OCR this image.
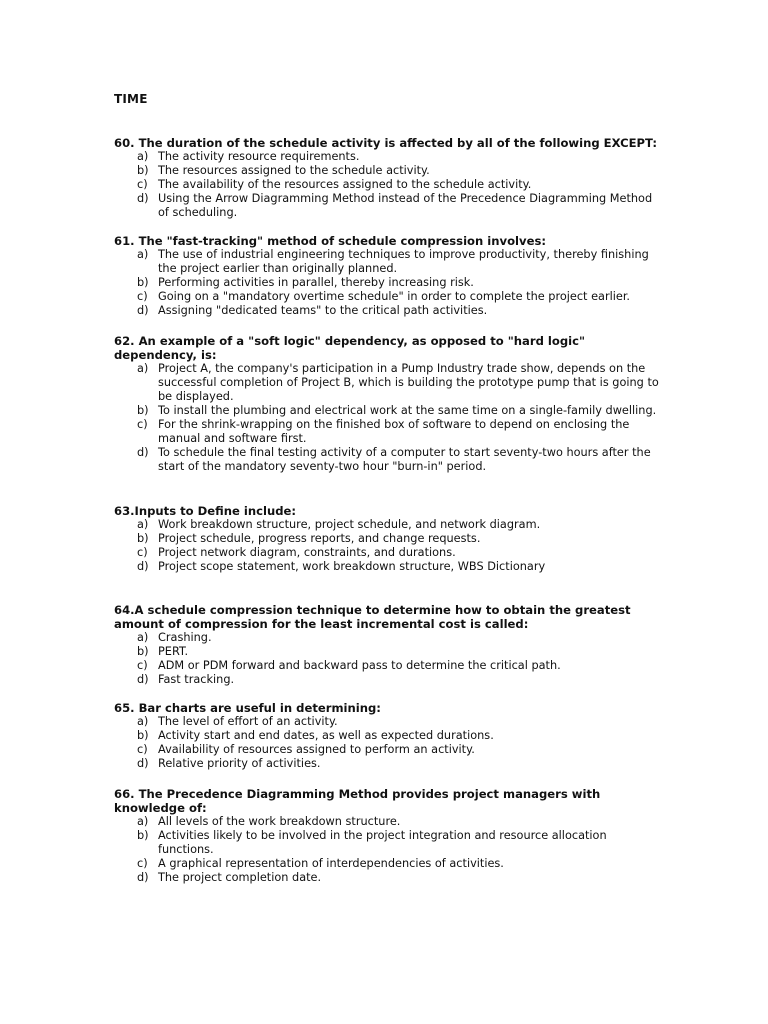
TIME
60. The duration of the schedule activity is affected by all of the following EXCEPT:
a) The activity resource requirements.
b) The resources assigned to the schedule activity.
c) The availability of the resources assigned to the schedule activity.
d) Using the Arrow Diagramming Method instead of the Precedence Diagramming Method of scheduling.
61. The "fast-tracking" method of schedule compression involves:
a) The use of industrial engineering techniques to improve productivity, thereby finishing the project earlier than originally planned.
b) Performing activities in parallel, thereby increasing risk.
c) Going on a "mandatory overtime schedule" in order to complete the project earlier.
d) Assigning "dedicated teams" to the critical path activities.
62. An example of a "soft logic" dependency, as opposed to "hard logic" dependency, is:
a) Project A, the company's participation in a Pump Industry trade show, depends on the successful completion of Project B, which is building the prototype pump that is going to be displayed.
b) To install the plumbing and electrical work at the same time on a single-family dwelling.
c) For the shrink-wrapping on the finished box of software to depend on enclosing the manual and software first.
d) To schedule the final testing activity of a computer to start seventy-two hours after the start of the mandatory seventy-two hour "burn-in" period.
63.Inputs to Define include:
a) Work breakdown structure, project schedule, and network diagram.
b) Project schedule, progress reports, and change requests.
c) Project network diagram, constraints, and durations.
d) Project scope statement, work breakdown structure, WBS Dictionary
64.A schedule compression technique to determine how to obtain the greatest amount of compression for the least incremental cost is called:
a) Crashing.
b) PERT.
c) ADM or PDM forward and backward pass to determine the critical path.
d) Fast tracking.
65. Bar charts are useful in determining:
a) The level of effort of an activity.
b) Activity start and end dates, as well as expected durations.
c) Availability of resources assigned to perform an activity.
d) Relative priority of activities.
66. The Precedence Diagramming Method provides project managers with knowledge of:
a) All levels of the work breakdown structure.
b) Activities likely to be involved in the project integration and resource allocation functions.
c) A graphical representation of interdependencies of activities.
d) The project completion date.
